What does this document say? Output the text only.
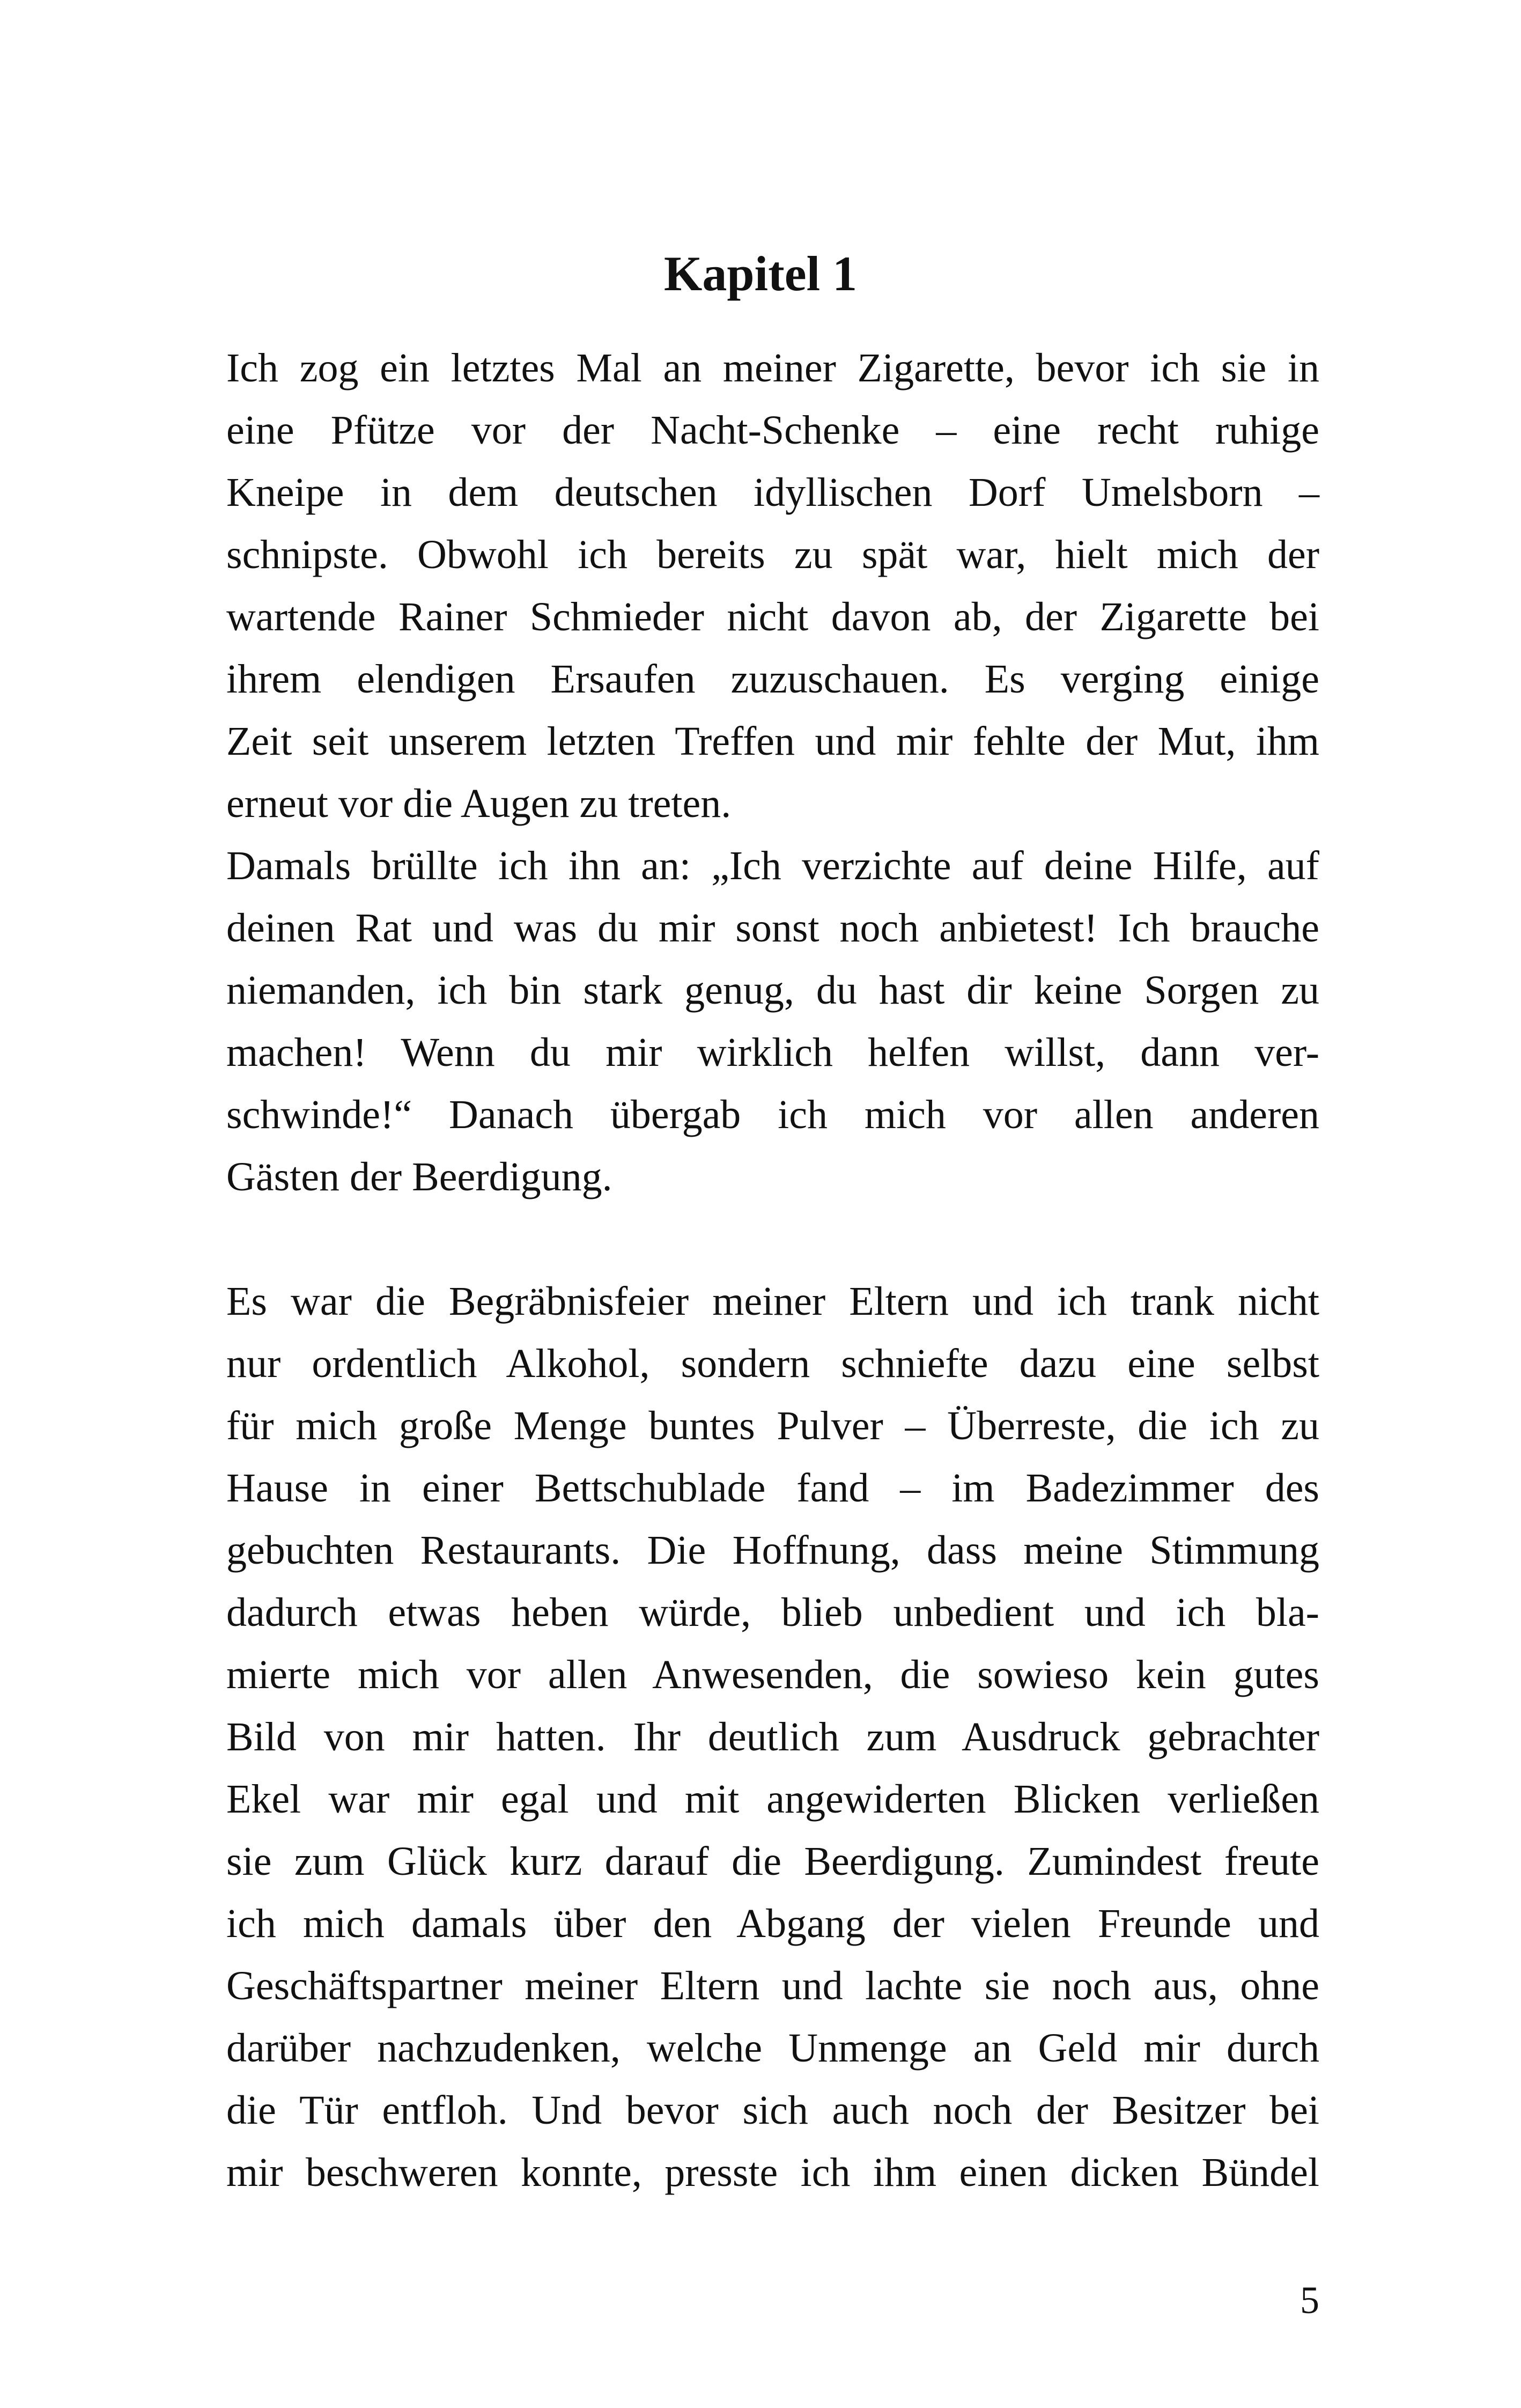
Kapitel 1
Ich zog ein letztes Mal an meiner Zigarette, bevor ich sie in
eine Pfütze vor der Nacht-Schenke – eine recht ruhige
Kneipe in dem deutschen idyllischen Dorf Umelsborn –
schnipste. Obwohl ich bereits zu spät war, hielt mich der
wartende Rainer Schmieder nicht davon ab, der Zigarette bei
ihrem elendigen Ersaufen zuzuschauen. Es verging einige
Zeit seit unserem letzten Treffen und mir fehlte der Mut, ihm
erneut vor die Augen zu treten.
Damals brüllte ich ihn an: „Ich verzichte auf deine Hilfe, auf
deinen Rat und was du mir sonst noch anbietest! Ich brauche
niemanden, ich bin stark genug, du hast dir keine Sorgen zu
machen! Wenn du mir wirklich helfen willst, dann ver-
schwinde!“ Danach übergab ich mich vor allen anderen
Gästen der Beerdigung.
Es war die Begräbnisfeier meiner Eltern und ich trank nicht
nur ordentlich Alkohol, sondern schniefte dazu eine selbst
für mich große Menge buntes Pulver – Überreste, die ich zu
Hause in einer Bettschublade fand – im Badezimmer des
gebuchten Restaurants. Die Hoffnung, dass meine Stimmung
dadurch etwas heben würde, blieb unbedient und ich bla-
mierte mich vor allen Anwesenden, die sowieso kein gutes
Bild von mir hatten. Ihr deutlich zum Ausdruck gebrachter
Ekel war mir egal und mit angewiderten Blicken verließen
sie zum Glück kurz darauf die Beerdigung. Zumindest freute
ich mich damals über den Abgang der vielen Freunde und
Geschäftspartner meiner Eltern und lachte sie noch aus, ohne
darüber nachzudenken, welche Unmenge an Geld mir durch
die Tür entfloh. Und bevor sich auch noch der Besitzer bei
mir beschweren konnte, presste ich ihm einen dicken Bündel
5
